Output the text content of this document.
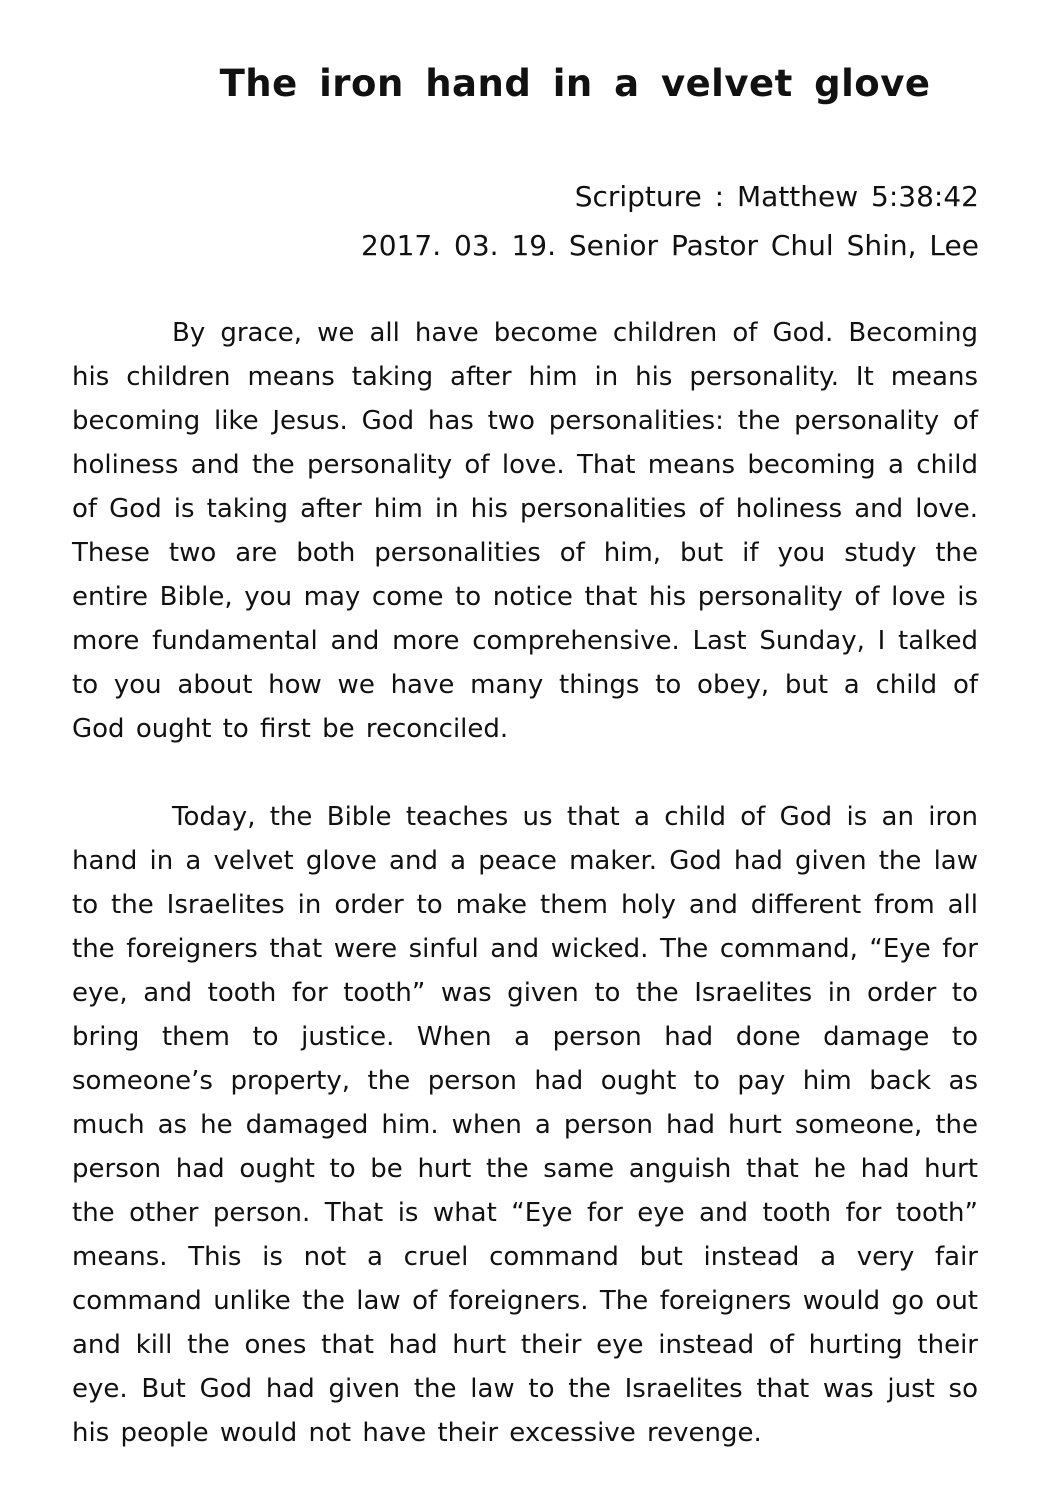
The iron hand in a velvet glove
Scripture : Matthew 5:38:42
2017. 03. 19. Senior Pastor Chul Shin, Lee

By grace, we all have become children of God. Becoming his children means taking after him in his personality. It means becoming like Jesus. God has two personalities: the personality of holiness and the personality of love. That means becoming a child of God is taking after him in his personalities of holiness and love. These two are both personalities of him, but if you study the entire Bible, you may come to notice that his personality of love is more fundamental and more comprehensive. Last Sunday, I talked to you about how we have many things to obey, but a child of God ought to first be reconciled.

Today, the Bible teaches us that a child of God is an iron hand in a velvet glove and a peace maker. God had given the law to the Israelites in order to make them holy and different from all the foreigners that were sinful and wicked. The command, “Eye for eye, and tooth for tooth” was given to the Israelites in order to bring them to justice. When a person had done damage to someone’s property, the person had ought to pay him back as much as he damaged him. when a person had hurt someone, the person had ought to be hurt the same anguish that he had hurt the other person. That is what “Eye for eye and tooth for tooth” means. This is not a cruel command but instead a very fair command unlike the law of foreigners. The foreigners would go out and kill the ones that had hurt their eye instead of hurting their eye. But God had given the law to the Israelites that was just so his people would not have their excessive revenge.
